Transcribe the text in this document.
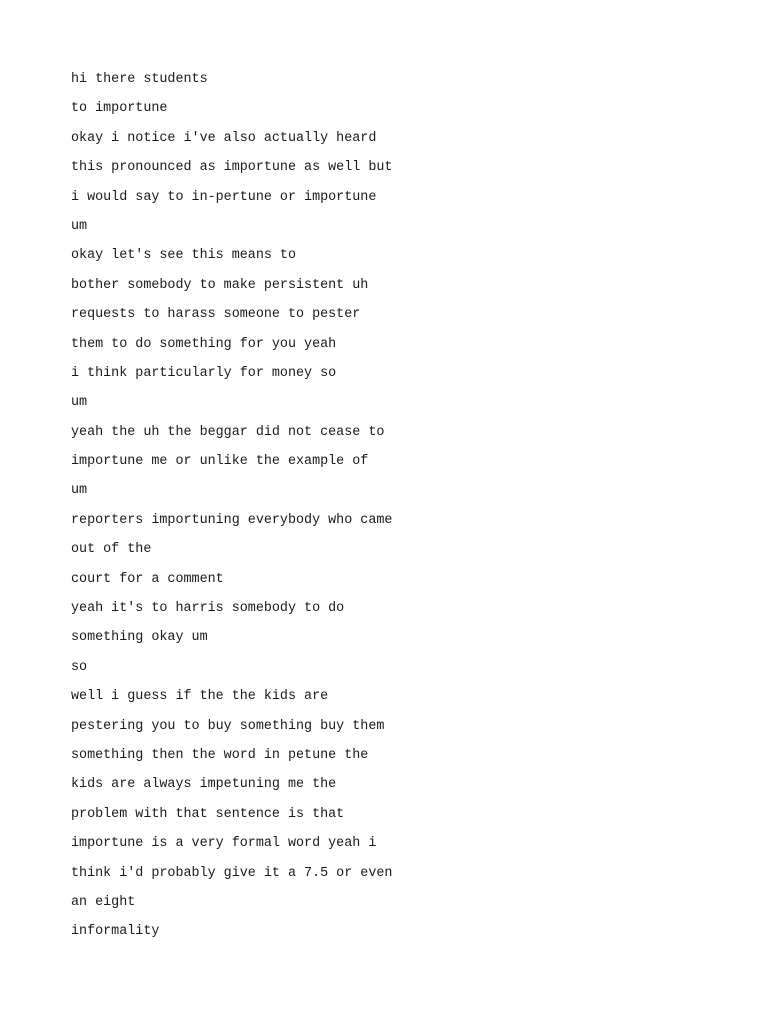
hi there students
to importune
okay i notice i've also actually heard
this pronounced as importune as well but
i would say to in-pertune or importune
um
okay let's see this means to
bother somebody to make persistent uh
requests to harass someone to pester
them to do something for you yeah
i think particularly for money so
um
yeah the uh the beggar did not cease to
importune me or unlike the example of
um
reporters importuning everybody who came
out of the
court for a comment
yeah it's to harris somebody to do
something okay um
so
well i guess if the the kids are
pestering you to buy something buy them
something then the word in petune the
kids are always impetuning me the
problem with that sentence is that
importune is a very formal word yeah i
think i'd probably give it a 7.5 or even
an eight
informality
